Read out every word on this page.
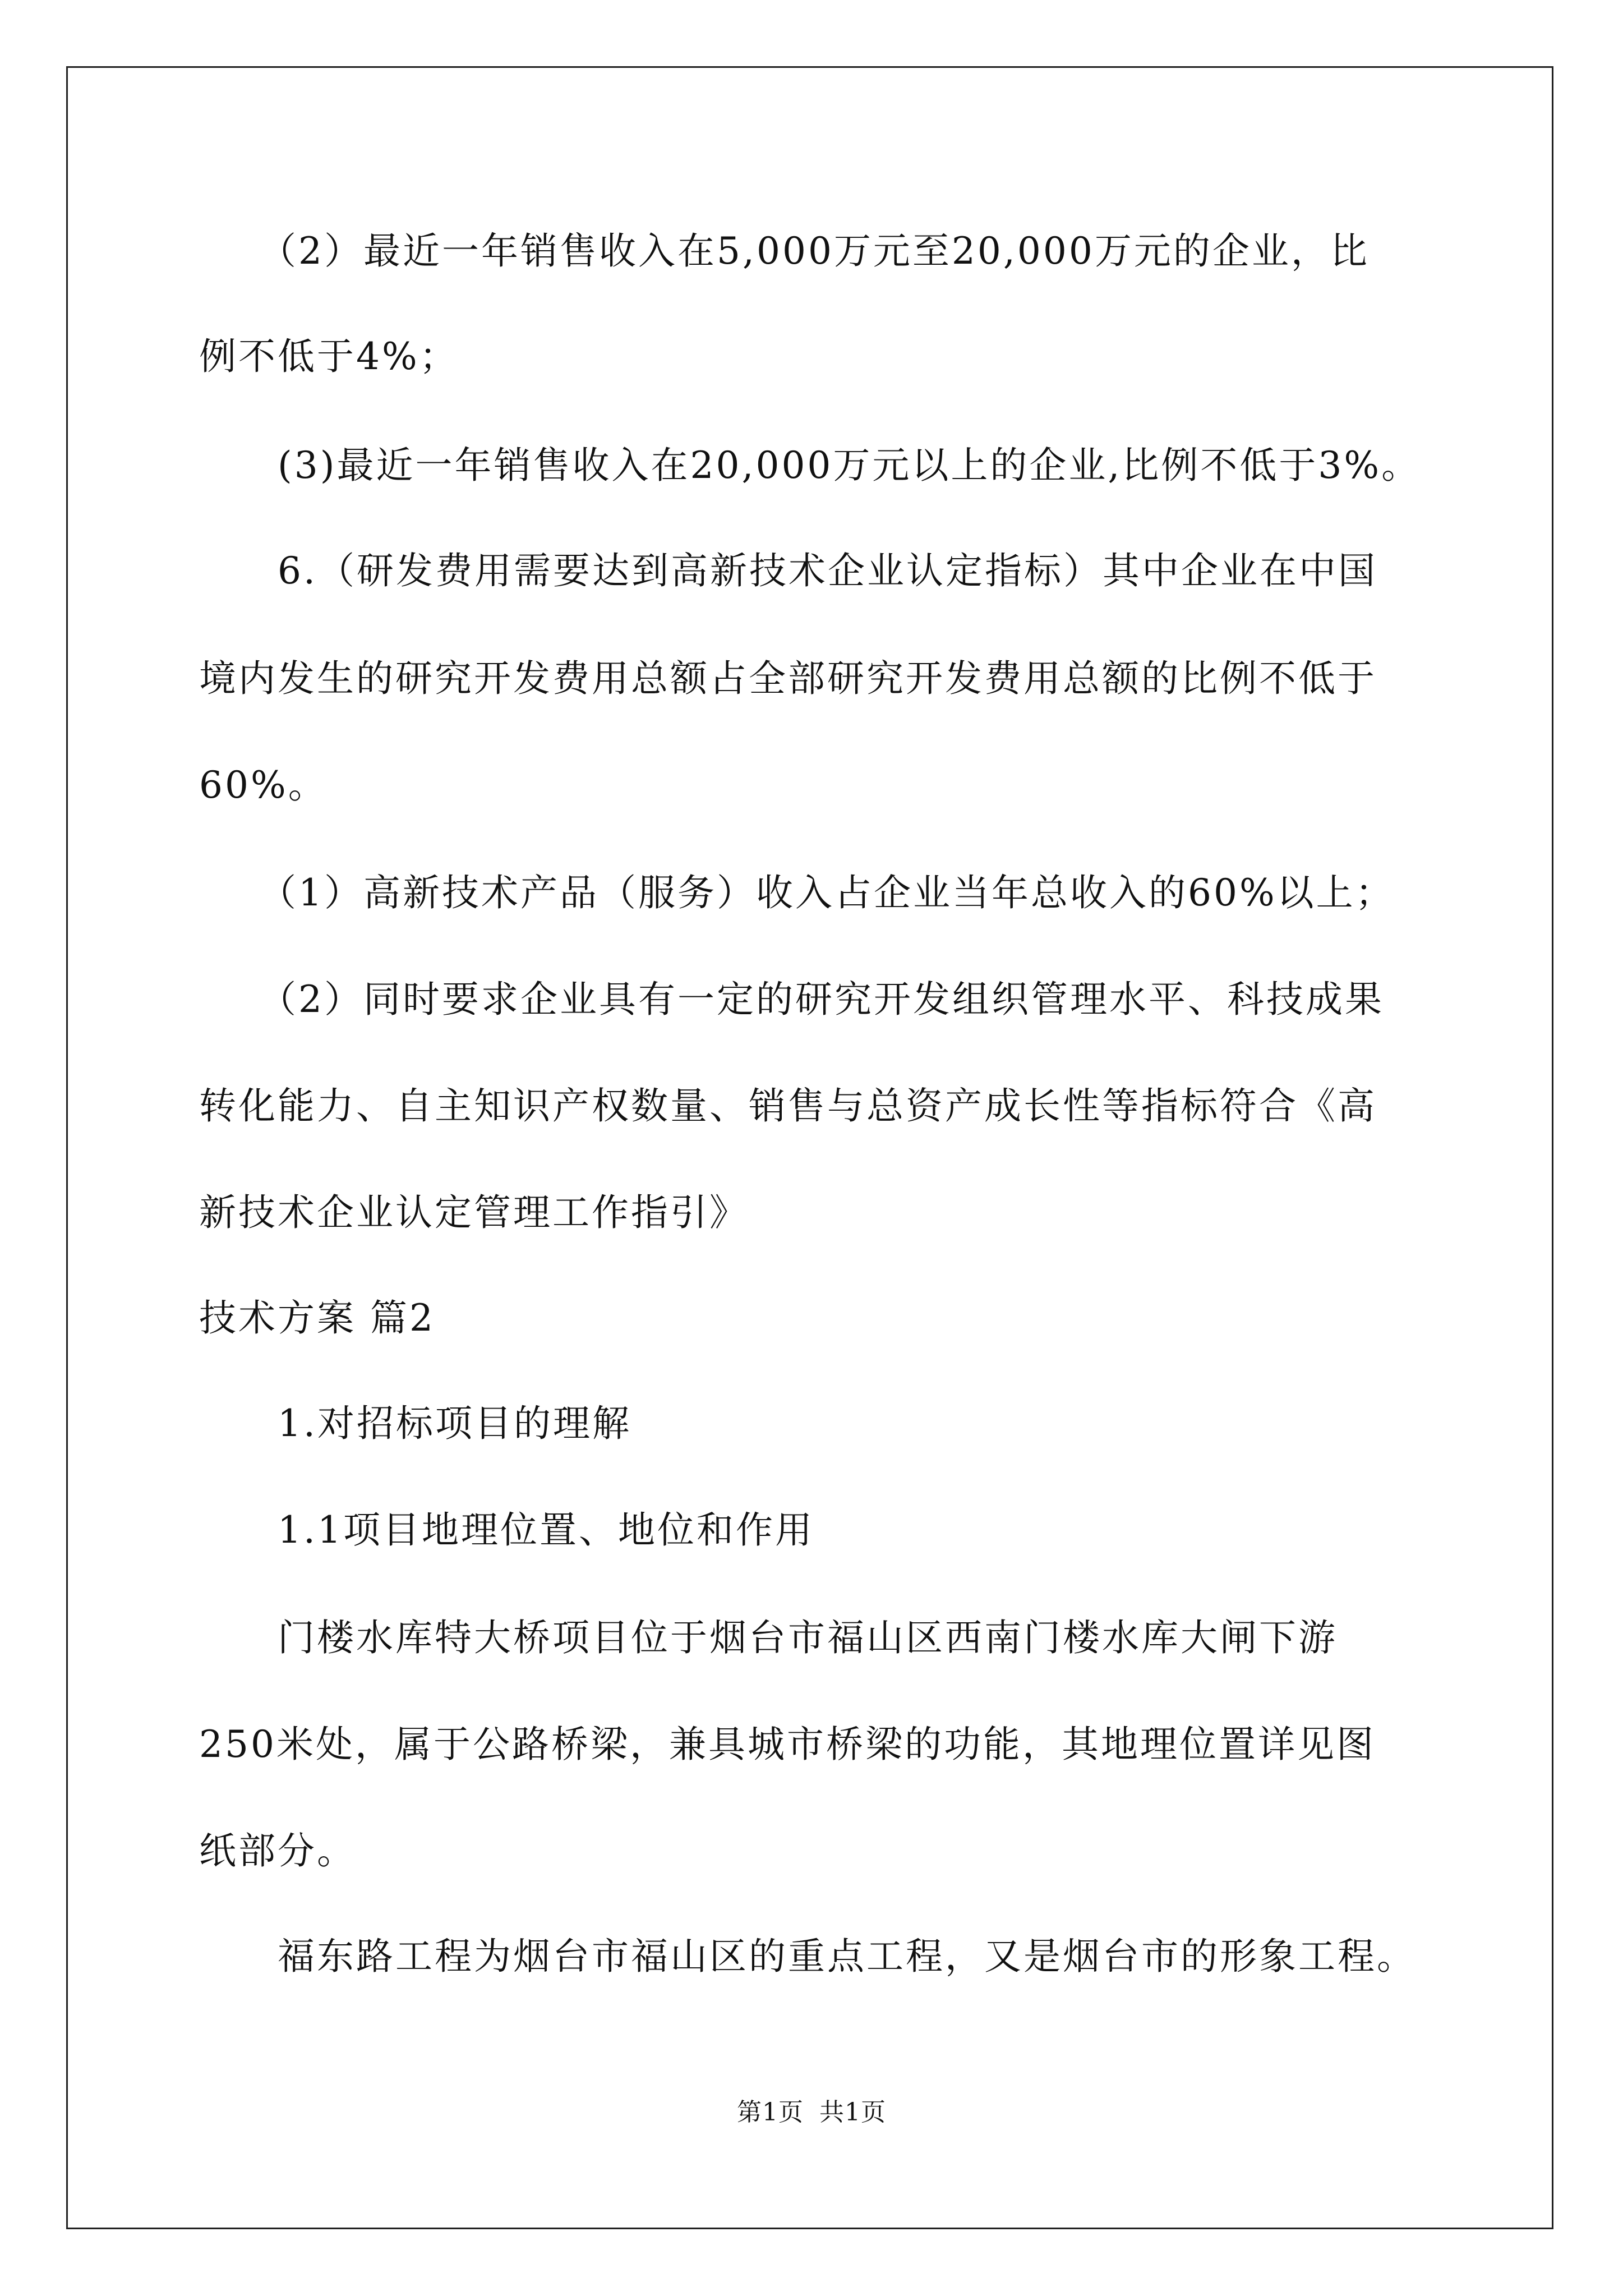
　　（2）最近一年销售收入在5,000万元至20,000万元的企业，比
例不低于4%；
　　(3)最近一年销售收入在20,000万元以上的企业,比例不低于3%。
　　6.（研发费用需要达到高新技术企业认定指标）其中企业在中国
境内发生的研究开发费用总额占全部研究开发费用总额的比例不低于
60%。
　　（1）高新技术产品（服务）收入占企业当年总收入的60%以上；
　　（2）同时要求企业具有一定的研究开发组织管理水平、科技成果
转化能力、自主知识产权数量、销售与总资产成长性等指标符合《高
新技术企业认定管理工作指引》
技术方案 篇2
　　1.对招标项目的理解
　　1.1项目地理位置、地位和作用
　　门楼水库特大桥项目位于烟台市福山区西南门楼水库大闸下游
250米处，属于公路桥梁，兼具城市桥梁的功能，其地理位置详见图
纸部分。
　　福东路工程为烟台市福山区的重点工程，又是烟台市的形象工程。
第1页 共1页
